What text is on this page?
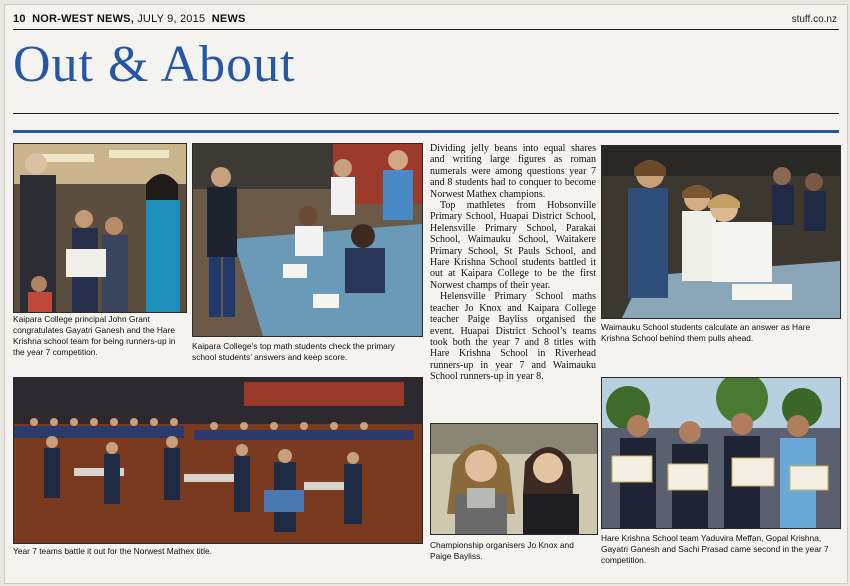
10 NOR-WEST NEWS, JULY 9, 2015 NEWS	stuff.co.nz
Out & About
Kaipara College principal John Grant congratulates Gayatri Ganesh and the Hare Krishna school team for being runners-up in the year 7 competition.
Kaipara College’s top math students check the primary school students’ answers and keep score.

Dividing jelly beans into equal shares and writing large figures as roman numerals were among questions year 7 and 8 students had to conquer to become Norwest Mathex champions.

Top mathletes from Hobsonville Primary School, Huapai District School, Helensville Primary School, Parakai School, Waimauku School, Waitakere Primary School, St Pauls School, and Hare Krishna School students battled it out at Kaipara College to be the first Norwest champs of their year.

Helensville Primary School maths teacher Jo Knox and Kaipara College teacher Paige Bayliss organised the event. Huapai District School’s teams took both the year 7 and 8 titles with Hare Krishna School in Riverhead runners-up in year 7 and Waimauku School runners-up in year 8.

Waimauku School students calculate an answer as Hare Krishna School behind them pulls ahead.
Year 7 teams battle it out for the Norwest Mathex title.
Championship organisers Jo Knox and Paige Bayliss.
Hare Krishna School team Yaduvira Meffan, Gopal Krishna, Gayatri Ganesh and Sachi Prasad came second in the year 7 competition.
